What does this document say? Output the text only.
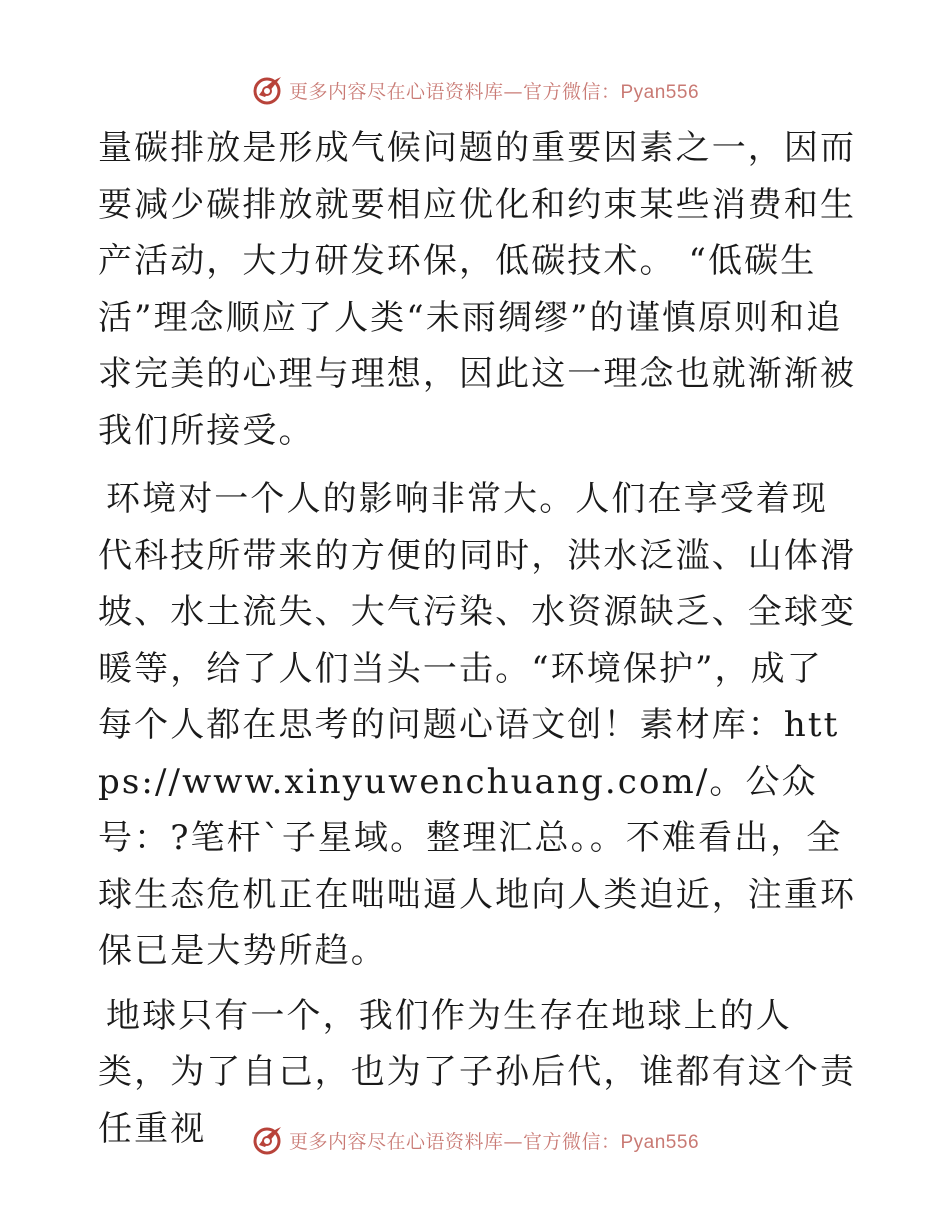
更多内容尽在心语资料库—官方微信：Pyan556

量碳排放是形成气候问题的重要因素之一，因而要减少碳排放就要相应优化和约束某些消费和生产活动，大力研发环保，低碳技术。 “低碳生活”理念顺应了人类“未雨绸缪”的谨慎原则和追求完美的心理与理想，因此这一理念也就渐渐被我们所接受。

环境对一个人的影响非常大。人们在享受着现代科技所带来的方便的同时，洪水泛滥、山体滑坡、水土流失、大气污染、水资源缺乏、全球变暖等，给了人们当头一击。“环境保护”，成了每个人都在思考的问题心语文创！素材库：https://www.xinyuwenchuang.com/。公众号：?笔杆`子星域。整理汇总。。不难看出，全球生态危机正在咄咄逼人地向人类迫近，注重环保已是大势所趋。

地球只有一个，我们作为生存在地球上的人类，为了自己，也为了子孙后代，谁都有这个责任重视	更多内容尽在心语资料库—官方微信：Pyan556
